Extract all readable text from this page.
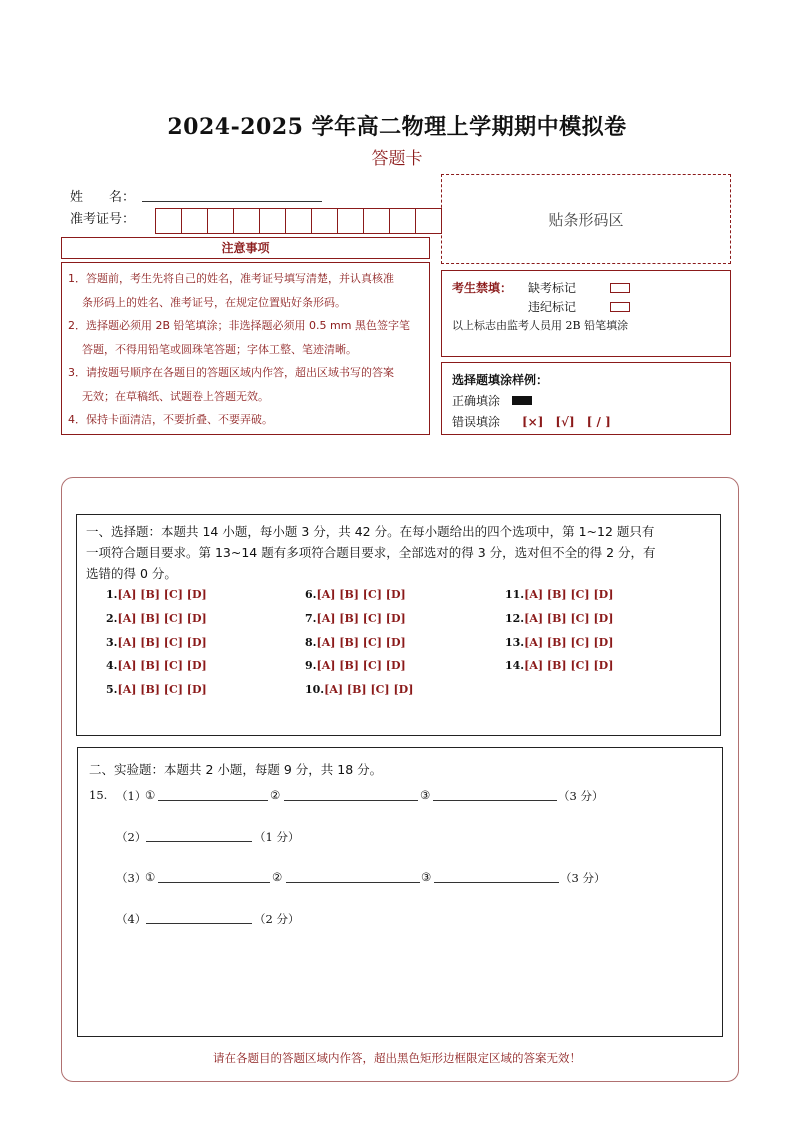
2024-2025 学年高二物理上学期期中模拟卷
答题卡
姓　　名：
准考证号：	贴条形码区
注意事项
1．答题前，考生先将自己的姓名，准考证号填写清楚，并认真核准
条形码上的姓名、准考证号，在规定位置贴好条形码。
2．选择题必须用 2B 铅笔填涂；非选择题必须用 0.5 mm 黑色签字笔
答题，不得用铅笔或圆珠笔答题；字体工整、笔迹清晰。
3．请按题号顺序在各题目的答题区域内作答，超出区域书写的答案
无效；在草稿纸、试题卷上答题无效。
4．保持卡面清洁，不要折叠、不要弄破。
考生禁填： 缺考标记
违纪标记
以上标志由监考人员用 2B 铅笔填涂
选择题填涂样例：
正确填涂
错误填涂 [×]　[√]　[ / ]
一、选择题：本题共 14 小题，每小题 3 分，共 42 分。在每小题给出的四个选项中，第 1~12 题只有
一项符合题目要求。第 13~14 题有多项符合题目要求，全部选对的得 3 分，选对但不全的得 2 分，有
选错的得 0 分。
1.[A] [B] [C] [D]
2.[A] [B] [C] [D]
3.[A] [B] [C] [D]
4.[A] [B] [C] [D]
5.[A] [B] [C] [D]
6.[A] [B] [C] [D]
7.[A] [B] [C] [D]
8.[A] [B] [C] [D]
9.[A] [B] [C] [D]
10.[A] [B] [C] [D]
11.[A] [B] [C] [D]
12.[A] [B] [C] [D]
13.[A] [B] [C] [D]
14.[A] [B] [C] [D]
二、实验题：本题共 2 小题，每题 9 分，共 18 分。
15. （1）
①	②	③	（3 分）
（2）	（1 分）
（3）
①	②	③	（3 分）
（4）	（2 分）
请在各题目的答题区域内作答，超出黑色矩形边框限定区域的答案无效！
